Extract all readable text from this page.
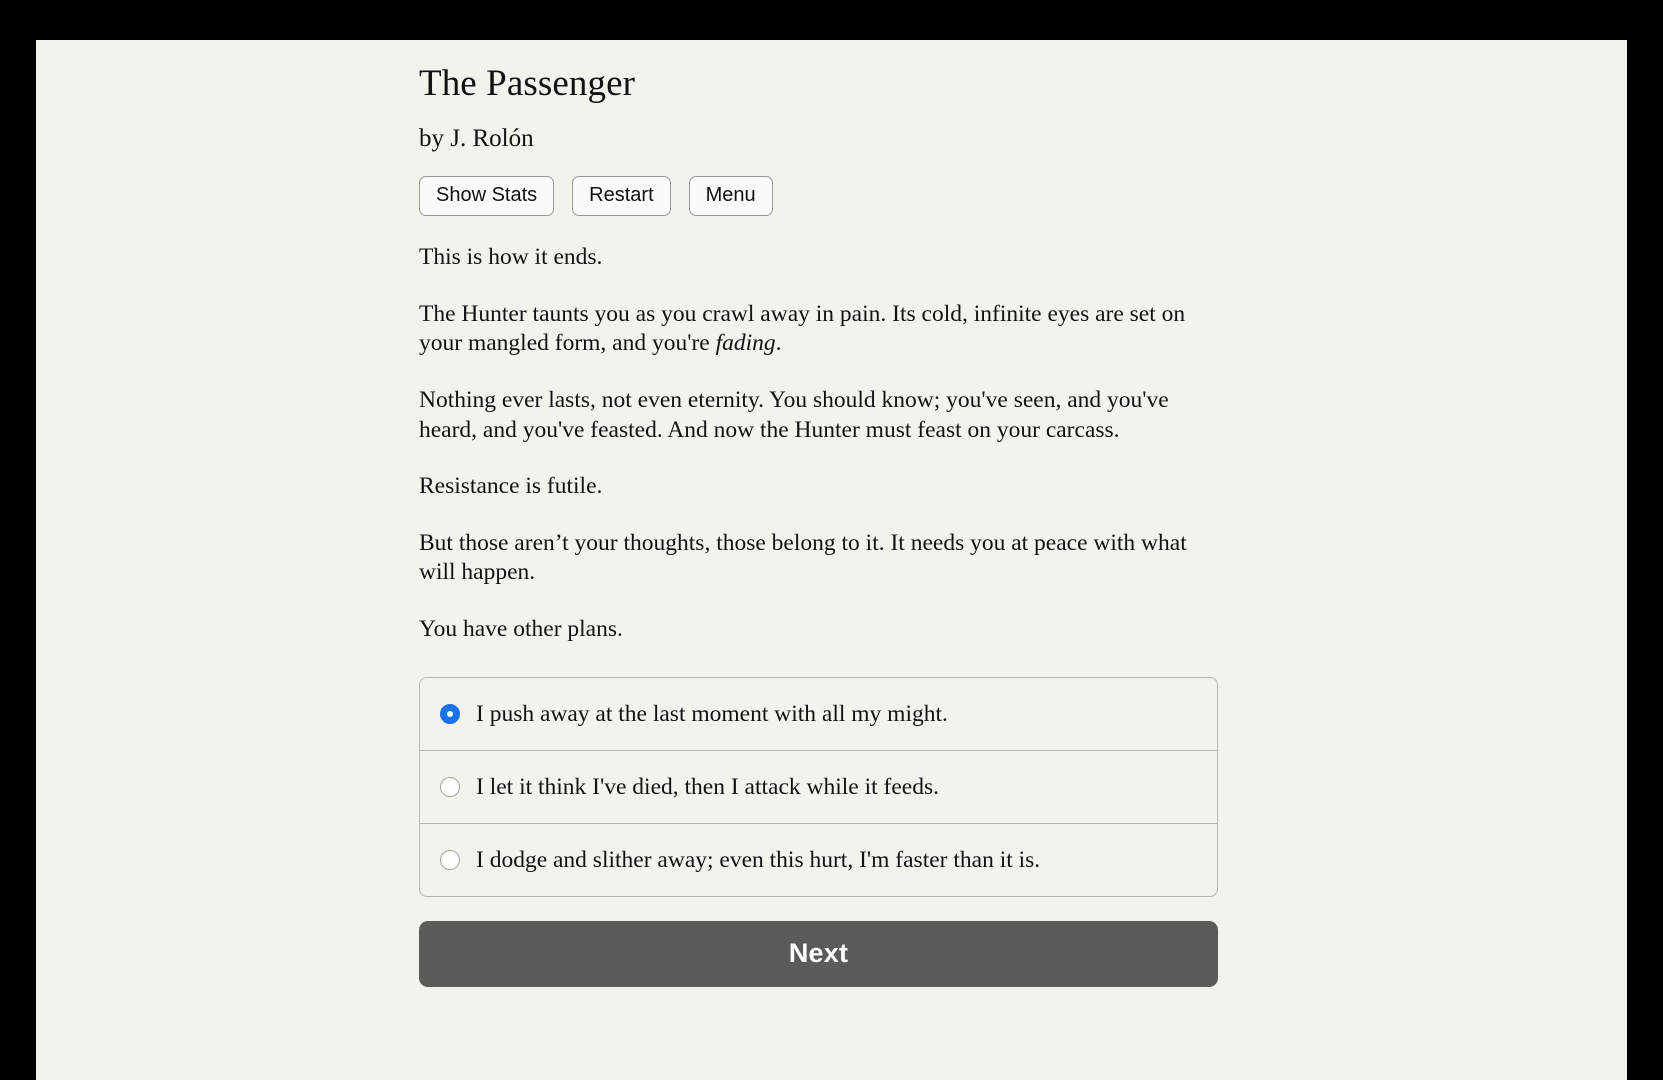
The Passenger
by J. Rolón
Show Stats	Restart	Menu

This is how it ends.

The Hunter taunts you as you crawl away in pain. Its cold, infinite eyes are set on your mangled form, and you're fading.

Nothing ever lasts, not even eternity. You should know; you've seen, and you've heard, and you've feasted. And now the Hunter must feast on your carcass.

Resistance is futile.

But those aren’t your thoughts, those belong to it. It needs you at peace with what will happen.

You have other plans.

I push away at the last moment with all my might.
I let it think I've died, then I attack while it feeds.
I dodge and slither away; even this hurt, I'm faster than it is.
Next
